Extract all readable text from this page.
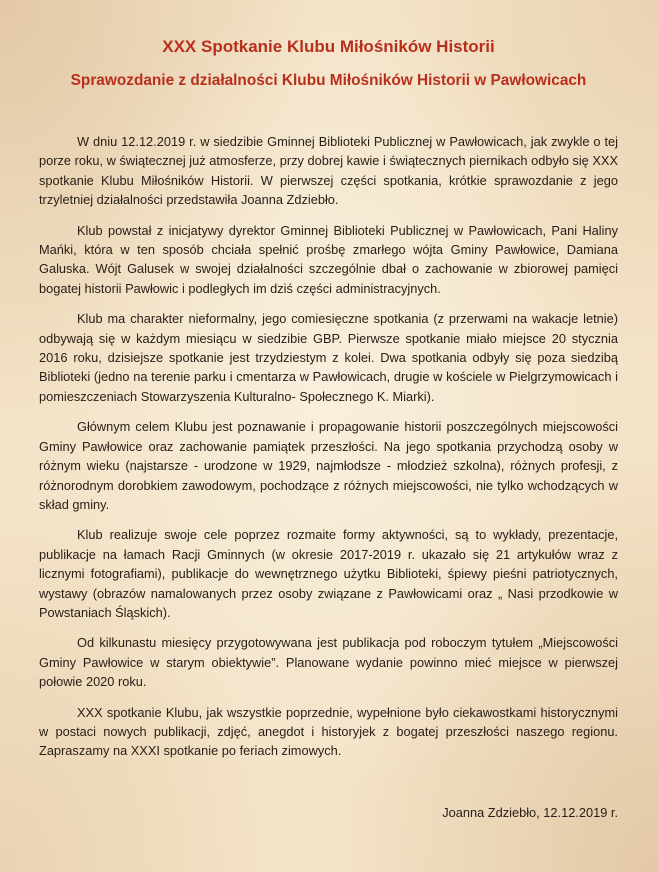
XXX Spotkanie Klubu Miłośników Historii
Sprawozdanie z działalności Klubu Miłośników Historii w Pawłowicach

W dniu 12.12.2019 r. w siedzibie Gminnej Biblioteki Publicznej w Pawłowicach, jak zwykle o tej porze roku, w świątecznej już atmosferze, przy dobrej kawie i świątecznych piernikach odbyło się XXX spotkanie Klubu Miłośników Historii. W pierwszej części spotkania, krótkie sprawozdanie z jego trzyletniej działalności przedstawiła Joanna Zdziebło.

Klub powstał z inicjatywy dyrektor Gminnej Biblioteki Publicznej w Pawłowicach, Pani Haliny Mańki, która w ten sposób chciała spełnić prośbę zmarłego wójta Gminy Pawłowice, Damiana Galuska. Wójt Galusek w swojej działalności szczególnie dbał o zachowanie w zbiorowej pamięci bogatej historii Pawłowic i podległych im dziś części administracyjnych.

Klub ma charakter nieformalny, jego comiesięczne spotkania (z przerwami na wakacje letnie) odbywają się w każdym miesiącu w siedzibie GBP. Pierwsze spotkanie miało miejsce 20 stycznia 2016 roku, dzisiejsze spotkanie jest trzydziestym z kolei. Dwa spotkania odbyły się poza siedzibą Biblioteki (jedno na terenie parku i cmentarza w Pawłowicach, drugie w kościele w Pielgrzymowicach i pomieszczeniach Stowarzyszenia Kulturalno- Społecznego K. Miarki).

Głównym celem Klubu jest poznawanie i propagowanie historii poszczególnych miejscowości Gminy Pawłowice oraz zachowanie pamiątek przeszłości. Na jego spotkania przychodzą osoby w różnym wieku (najstarsze - urodzone w 1929, najmłodsze - młodzież szkolna), różnych profesji, z różnorodnym dorobkiem zawodowym, pochodzące z różnych miejscowości, nie tylko wchodzących w skład gminy.

Klub realizuje swoje cele poprzez rozmaite formy aktywności, są to wykłady, prezentacje, publikacje na łamach Racji Gminnych (w okresie 2017-2019 r. ukazało się 21 artykułów wraz z licznymi fotografiami), publikacje do wewnętrznego użytku Biblioteki, śpiewy pieśni patriotycznych, wystawy (obrazów namalowanych przez osoby związane z Pawłowicami oraz „ Nasi przodkowie w Powstaniach Śląskich).

Od kilkunastu miesięcy przygotowywana jest publikacja pod roboczym tytułem „Miejscowości Gminy Pawłowice w starym obiektywie”. Planowane wydanie powinno mieć miejsce w pierwszej połowie 2020 roku.

XXX spotkanie Klubu, jak wszystkie poprzednie, wypełnione było ciekawostkami historycznymi w postaci nowych publikacji, zdjęć, anegdot i historyjek z bogatej przeszłości naszego regionu. Zapraszamy na XXXI spotkanie po feriach zimowych.

Joanna Zdziebło, 12.12.2019 r.
